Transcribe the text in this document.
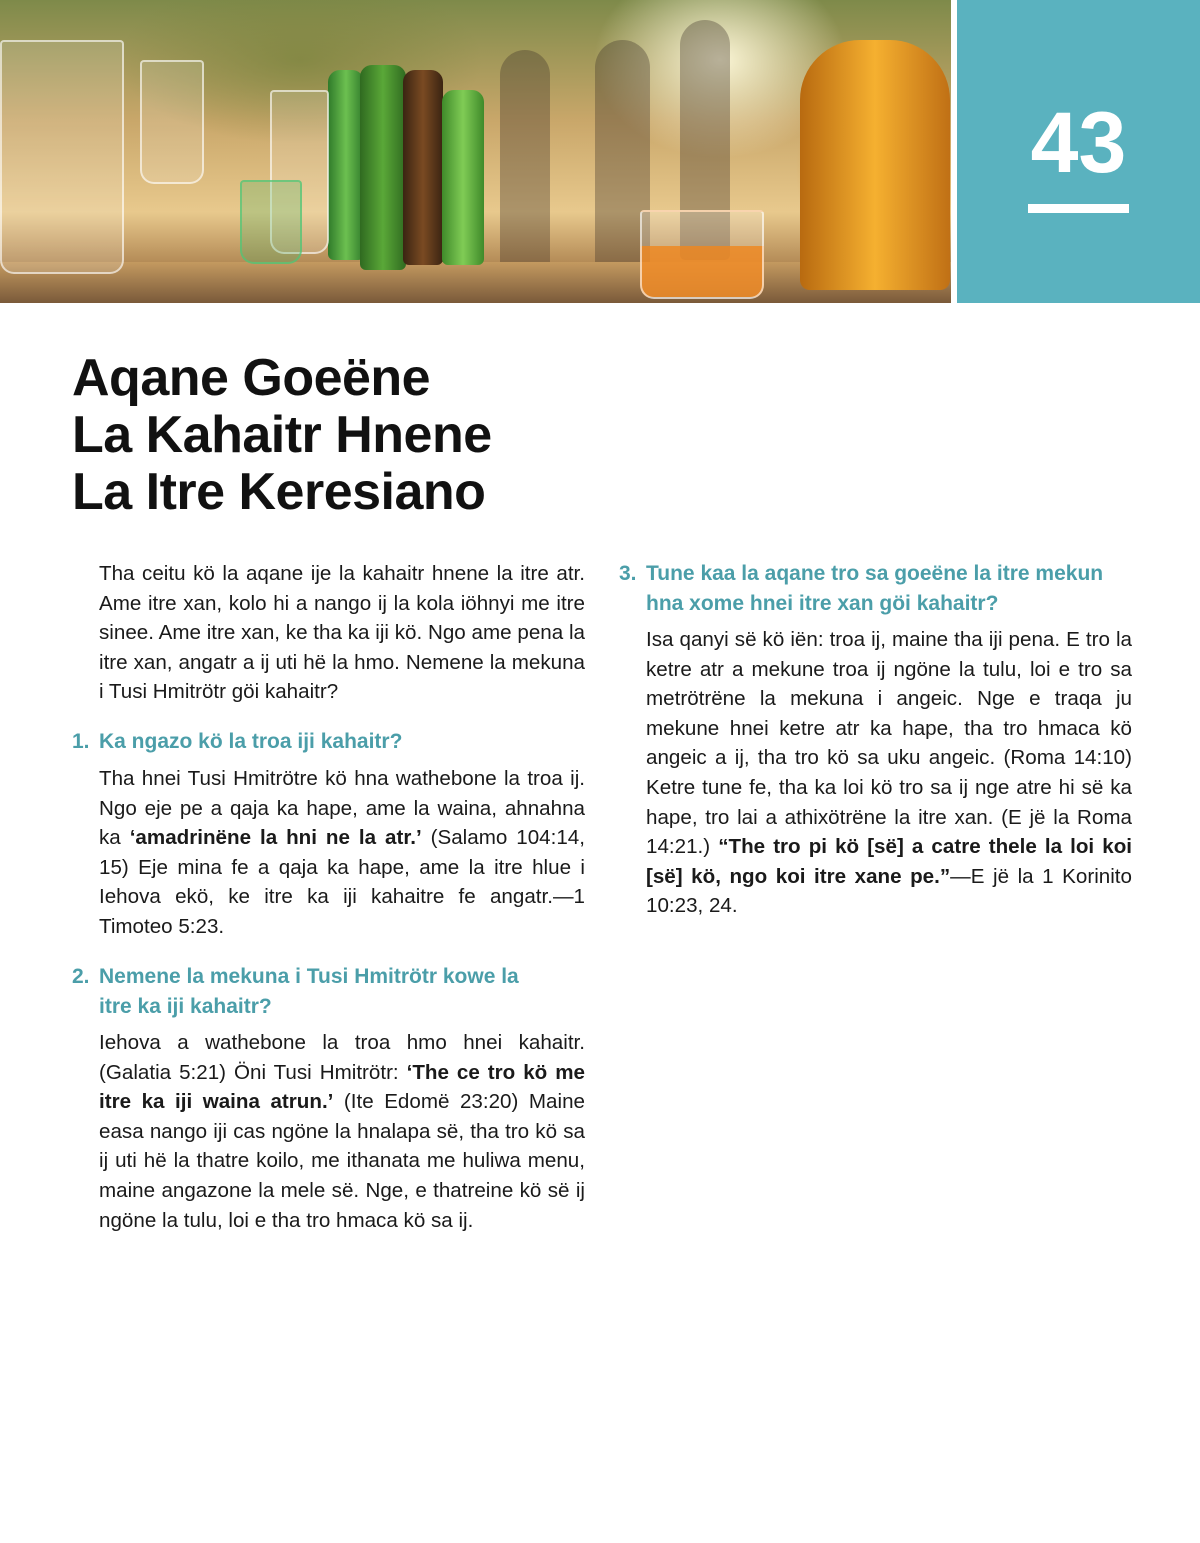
43
Aqane Goeëne
La Kahaitr Hnene
La Itre Keresiano

Tha ceitu kö la aqane ije la kahaitr hnene la itre atr. Ame itre xan, kolo hi a nango ij la kola iöhnyi me itre sinee. Ame itre xan, ke tha ka iji kö. Ngo ame pena la itre xan, angatr a ij uti hë la hmo. Nemene la mekuna i Tusi Hmitrötr göi kahaitr?

1. Ka ngazo kö la troa iji kahaitr?

Tha hnei Tusi Hmitrötre kö hna wathebone la troa ij. Ngo eje pe a qaja ka hape, ame la waina, ahnahna ka ‘amadrinëne la hni ne la atr.’ (Salamo 104:14, 15) Eje mina fe a qaja ka hape, ame la itre hlue i Iehova ekö, ke itre ka iji kahaitre fe angatr.—1 Timoteo 5:23.

2. Nemene la mekuna i Tusi Hmitrötr kowe la itre ka iji kahaitr?

Iehova a wathebone la troa hmo hnei kahaitr. (Galatia 5:21) Öni Tusi Hmitrötr: ‘The ce tro kö me itre ka iji waina atrun.’ (Ite Edomë 23:20) Maine easa nango iji cas ngöne la hnalapa së, tha tro kö sa ij uti hë la thatre koilo, me ithanata me huliwa menu, maine angazone la mele së. Nge, e thatreine kö së ij ngöne la tulu, loi e tha tro hmaca kö sa ij.

3. Tune kaa la aqane tro sa goeëne la itre mekun hna xome hnei itre xan göi kahaitr?

Isa qanyi së kö iën: troa ij, maine tha iji pena. E tro la ketre atr a mekune troa ij ngöne la tulu, loi e tro sa metrötrëne la mekuna i angeic. Nge e traqa ju mekune hnei ketre atr ka hape, tha tro hmaca kö angeic a ij, tha tro kö sa uku angeic. (Roma 14:10) Ketre tune fe, tha ka loi kö tro sa ij nge atre hi së ka hape, tro lai a athixötrëne la itre xan. (E jë la Roma 14:21.) “The tro pi kö [së] a catre thele la loi koi [së] kö, ngo koi itre xane pe.”—E jë la 1 Korinito 10:23, 24.
